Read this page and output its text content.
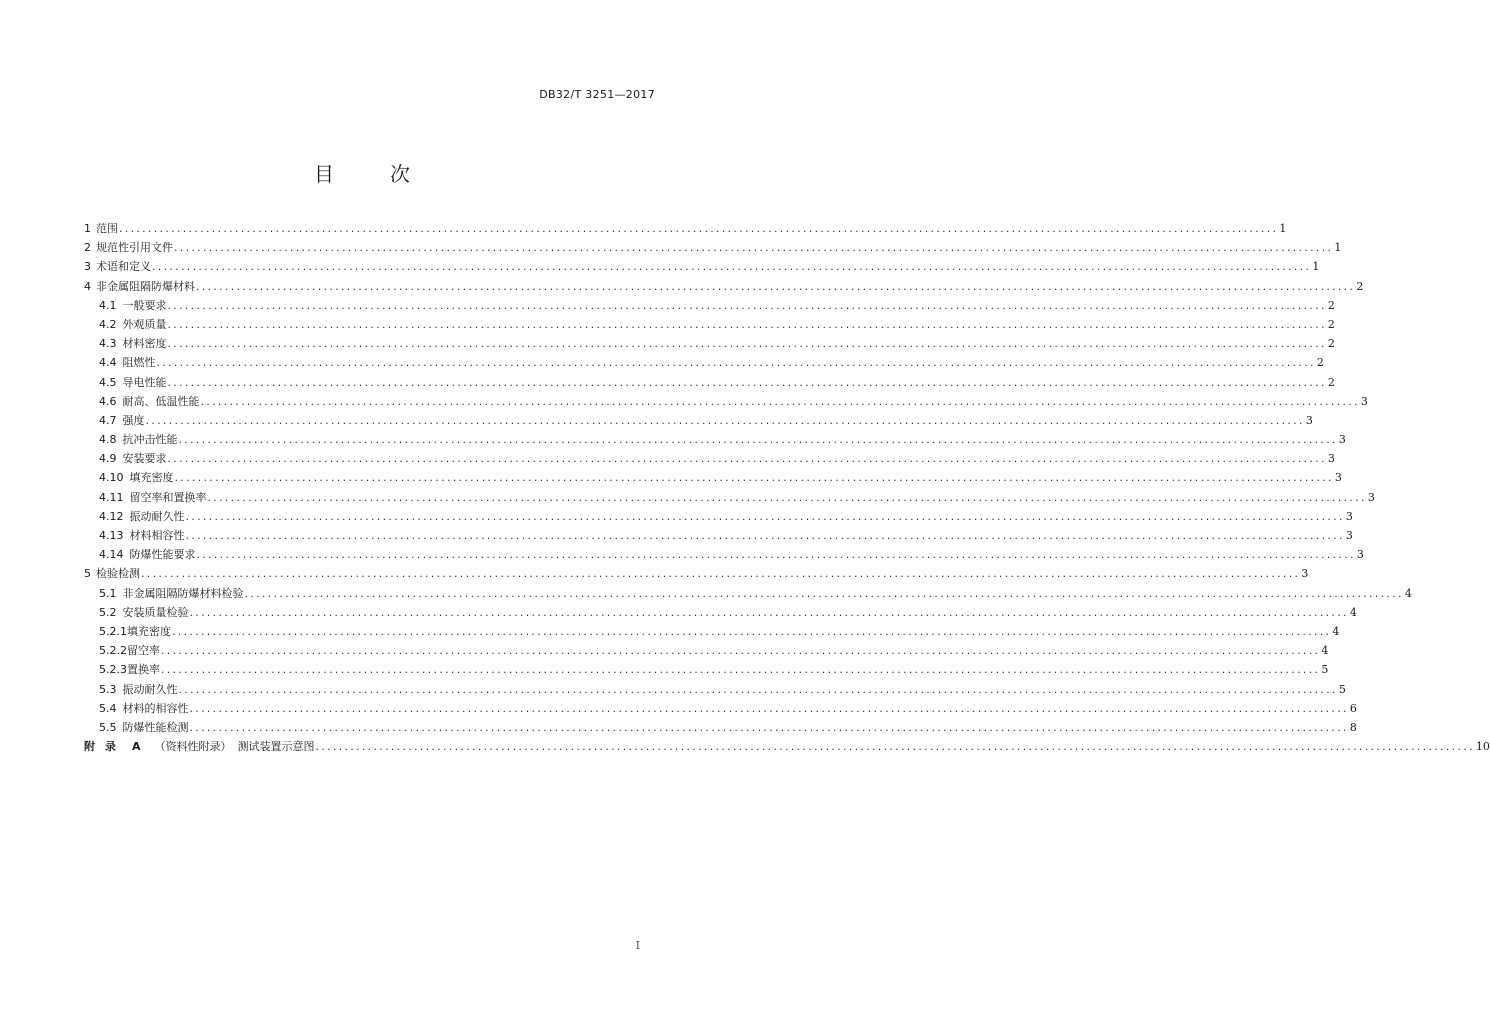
DB32/T 3251—2017
目	次
1 范围 ........................................................................................................................................................................................................ 1
2 规范性引用文件 ........................................................................................................................................................................................................ 1
3 术语和定义 ........................................................................................................................................................................................................ 1
4 非金属阻隔防爆材料 ........................................................................................................................................................................................................ 2
4.1 一般要求 ........................................................................................................................................................................................................ 2
4.2 外观质量 ........................................................................................................................................................................................................ 2
4.3 材料密度 ........................................................................................................................................................................................................ 2
4.4 阻燃性 ........................................................................................................................................................................................................ 2
4.5 导电性能 ........................................................................................................................................................................................................ 2
4.6 耐高、低温性能 ........................................................................................................................................................................................................ 3
4.7 强度 ........................................................................................................................................................................................................ 3
4.8 抗冲击性能 ........................................................................................................................................................................................................ 3
4.9 安装要求 ........................................................................................................................................................................................................ 3
4.10 填充密度 ........................................................................................................................................................................................................ 3
4.11 留空率和置换率 ........................................................................................................................................................................................................ 3
4.12 振动耐久性 ........................................................................................................................................................................................................ 3
4.13 材料相容性 ........................................................................................................................................................................................................ 3
4.14 防爆性能要求 ........................................................................................................................................................................................................ 3
5 检验检测 ........................................................................................................................................................................................................ 3
5.1 非金属阻隔防爆材料检验 ........................................................................................................................................................................................................ 4
5.2 安装质量检验 ........................................................................................................................................................................................................ 4
5.2.1 填充密度 ........................................................................................................................................................................................................ 4
5.2.2 留空率 ........................................................................................................................................................................................................ 4
5.2.3 置换率 ........................................................................................................................................................................................................ 5
5.3 振动耐久性 ........................................................................................................................................................................................................ 5
5.4 材料的相容性 ........................................................................................................................................................................................................ 6
5.5 防爆性能检测 ........................................................................................................................................................................................................ 8
附录 A （资料性附录） 测试装置示意图 ........................................................................................................................................................................................................ 10
I
